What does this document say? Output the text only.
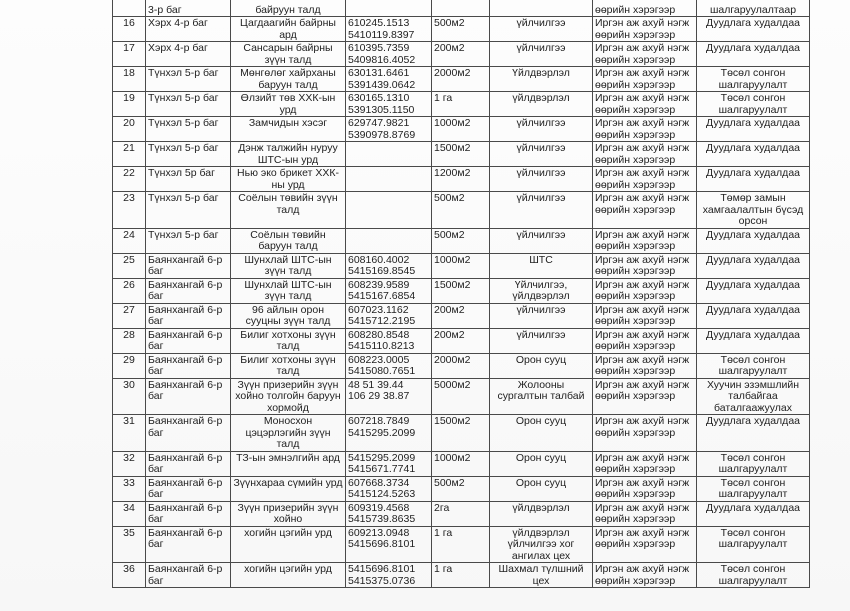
	3-р баг	байруун талд				өөрийн хэрэгээр	шалгаруулалтаар
16	Хэрх 4-р баг	Цагдаагийн байрны ард	610245.1513
5410119.8397	500м2	үйлчилгээ	Иргэн аж ахуй нэгж өөрийн хэрэгээр	Дуудлага худалдаа
17	Хэрх 4-р баг	Сансарын байрны зүүн талд	610395.7359
5409816.4052	200м2	үйлчилгээ	Иргэн аж ахуй нэгж өөрийн хэрэгээр	Дуудлага худалдаа
18	Түнхэл 5-р баг	Мөнгөлөг хайрханы баруун талд	630131.6461
5391439.0642	2000м2	Үйлдвэрлэл	Иргэн аж ахуй нэгж өөрийн хэрэгээр	Төсөл сонгон шалгаруулалт
19	Түнхэл 5-р баг	Өлзийт төв ХХК-ын урд	630165.1310
5391305.1150	1 га	үйлдвэрлэл	Иргэн аж ахуй нэгж өөрийн хэрэгээр	Төсөл сонгон шалгаруулалт
20	Түнхэл 5-р баг	Замчидын хэсэг	629747.9821
5390978.8769	1000м2	үйлчилгээ	Иргэн аж ахуй нэгж өөрийн хэрэгээр	Дуудлага худалдаа
21	Түнхэл 5-р баг	Дэнж талжийн нуруу ШТС-ын урд		1500м2	үйлчилгээ	Иргэн аж ахуй нэгж өөрийн хэрэгээр	Дуудлага худалдаа
22	Түнхэл 5р баг	Нью эко брикет ХХК-ны урд		1200м2	үйлчилгээ	Иргэн аж ахуй нэгж өөрийн хэрэгээр	Дуудлага худалдаа
23	Түнхэл 5-р баг	Соёлын төвийн зүүн талд		500м2	үйлчилгээ	Иргэн аж ахуй нэгж өөрийн хэрэгээр	Төмөр замын хамгаалалтын бүсэд орсон
24	Түнхэл 5-р баг	Соёлын төвийн баруун талд		500м2	үйлчилгээ	Иргэн аж ахуй нэгж өөрийн хэрэгээр	Дуудлага худалдаа
25	Баянхангай 6-р баг	Шунхлай ШТС-ын зүүн талд	608160.4002
5415169.8545	1000м2	ШТС	Иргэн аж ахуй нэгж өөрийн хэрэгээр	Дуудлага худалдаа
26	Баянхангай 6-р баг	Шунхлай ШТС-ын зүүн талд	608239.9589
5415167.6854	1500м2	Үйлчилгээ, үйлдвэрлэл	Иргэн аж ахуй нэгж өөрийн хэрэгээр	Дуудлага худалдаа
27	Баянхангай 6-р баг	96 айлын орон сууцны зүүн талд	607023.1162
5415712.2195	200м2	үйлчилгээ	Иргэн аж ахуй нэгж өөрийн хэрэгээр	Дуудлага худалдаа
28	Баянхангай 6-р баг	Билиг хотхоны зүүн талд	608280.8548
5415110.8213	200м2	үйлчилгээ	Иргэн аж ахуй нэгж өөрийн хэрэгээр	Дуудлага худалдаа
29	Баянхангай 6-р баг	Билиг хотхоны зүүн талд	608223.0005
5415080.7651	2000м2	Орон сууц	Иргэн аж ахуй нэгж өөрийн хэрэгээр	Төсөл сонгон шалгаруулалт
30	Баянхангай 6-р баг	Зүүн призерийн зүүн хойно толгойн баруун хормойд	48 51 39.44
106 29 38.87	5000м2	Жолооны сургалтын талбай	Иргэн аж ахуй нэгж өөрийн хэрэгээр	Хуучин эзэмшлийн талбайгаа баталгаажуулах
31	Баянхангай 6-р баг	Моносхон цэцэрлэгийн зүүн талд	607218.7849
5415295.2099	1500м2	Орон сууц	Иргэн аж ахуй нэгж өөрийн хэрэгээр	Дуудлага худалдаа
32	Баянхангай 6-р баг	ТЗ-ын эмнэлгийн ард	5415295.2099
5415671.7741	1000м2	Орон сууц	Иргэн аж ахуй нэгж өөрийн хэрэгээр	Төсөл сонгон шалгаруулалт
33	Баянхангай 6-р баг	Зүүнхараа сүмийн урд	607668.3734
5415124.5263	500м2	Орон сууц	Иргэн аж ахуй нэгж өөрийн хэрэгээр	Төсөл сонгон шалгаруулалт
34	Баянхангай 6-р баг	Зүүн призерийн зүүн хойно	609319.4568
5415739.8635	2га	үйлдвэрлэл	Иргэн аж ахуй нэгж өөрийн хэрэгээр	Дуудлага худалдаа
35	Баянхангай 6-р баг	хогийн цэгийн урд	609213.0948
5415696.8101	1 га	үйлдвэрлэл үйлчилгээ хог ангилах цех	Иргэн аж ахуй нэгж өөрийн хэрэгээр	Төсөл сонгон шалгаруулалт
36	Баянхангай 6-р баг	хогийн цэгийн урд	5415696.8101
5415375.0736	1 га	Шахмал түлшний цех	Иргэн аж ахуй нэгж өөрийн хэрэгээр	Төсөл сонгон шалгаруулалт
